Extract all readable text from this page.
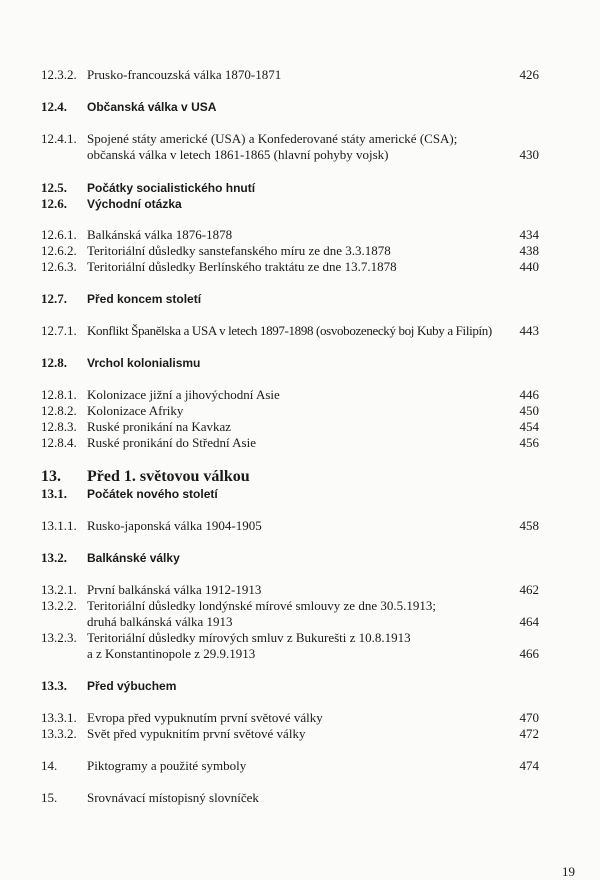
12.3.2. Prusko-francouzská válka 1870-1871	426
12.4. Občanská válka v USA
12.4.1. Spojené státy americké (USA) a Konfederované státy americké (CSA);
občanská válka v letech 1861-1865 (hlavní pohyby vojsk)	430
12.5. Počátky socialistického hnutí
12.6. Východní otázka
12.6.1. Balkánská válka 1876-1878	434
12.6.2. Teritoriální důsledky sanstefanského míru ze dne 3.3.1878	438
12.6.3. Teritoriální důsledky Berlínského traktátu ze dne 13.7.1878	440
12.7. Před koncem století
12.7.1. Konflikt Španělska a USA v letech 1897-1898 (osvobozenecký boj Kuby a Filipín) 443
12.8. Vrchol kolonialismu
12.8.1. Kolonizace jižní a jihovýchodní Asie	446
12.8.2. Kolonizace Afriky	450
12.8.3. Ruské pronikání na Kavkaz	454
12.8.4. Ruské pronikání do Střední Asie	456
13. Před 1. světovou válkou
13.1. Počátek nového století
13.1.1. Rusko-japonská válka 1904-1905	458
13.2. Balkánské války
13.2.1. První balkánská válka 1912-1913	462
13.2.2. Teritoriální důsledky londýnské mírové smlouvy ze dne 30.5.1913;
druhá balkánská válka 1913	464
13.2.3. Teritoriální důsledky mírových smluv z Bukurešti z 10.8.1913
a z Konstantinopole z 29.9.1913	466
13.3. Před výbuchem
13.3.1. Evropa před vypuknutím první světové války	470
13.3.2. Svět před vypuknitím první světové války	472
14. Piktogramy a použité symboly	474
15. Srovnávací místopisný slovníček
19
